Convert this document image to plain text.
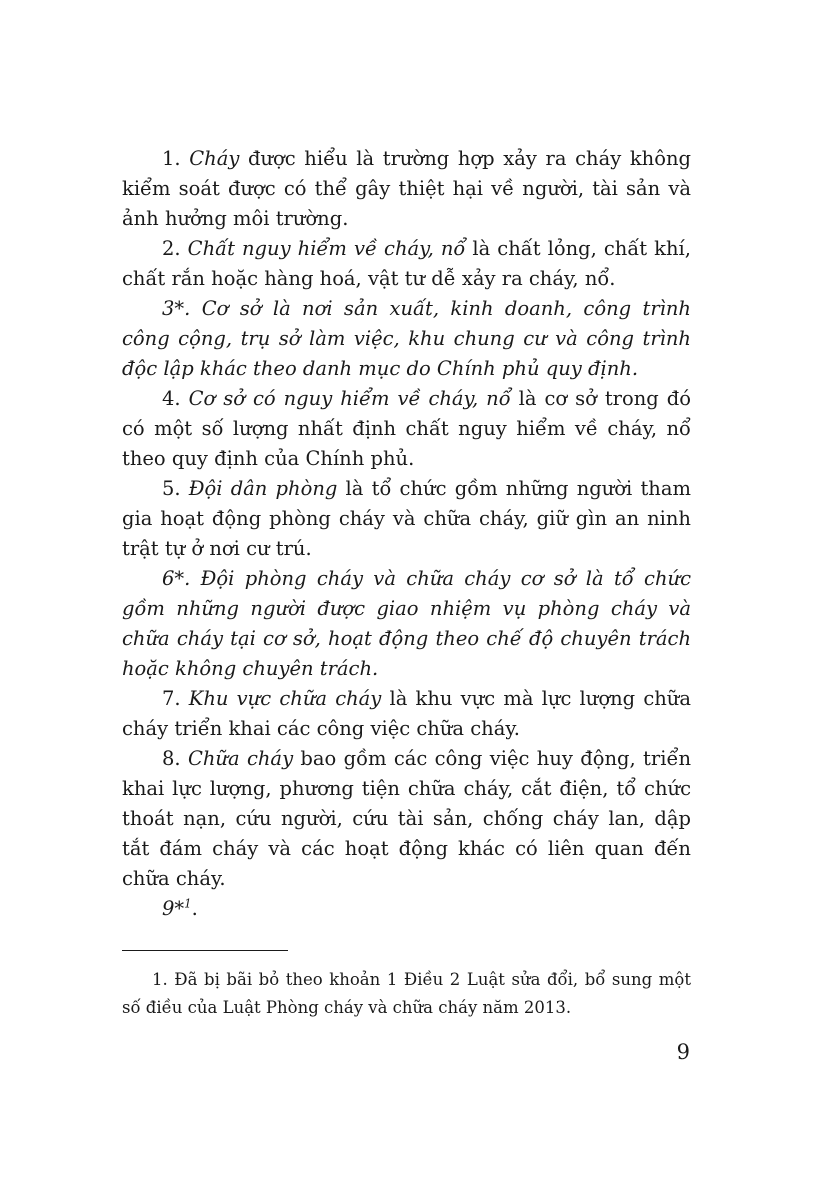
1. Cháy được hiểu là trường hợp xảy ra cháy không kiểm soát được có thể gây thiệt hại về người, tài sản và ảnh hưởng môi trường.

2. Chất nguy hiểm về cháy, nổ là chất lỏng, chất khí, chất rắn hoặc hàng hoá, vật tư dễ xảy ra cháy, nổ.

3*. Cơ sở là nơi sản xuất, kinh doanh, công trình công cộng, trụ sở làm việc, khu chung cư và công trình độc lập khác theo danh mục do Chính phủ quy định.

4. Cơ sở có nguy hiểm về cháy, nổ là cơ sở trong đó có một số lượng nhất định chất nguy hiểm về cháy, nổ theo quy định của Chính phủ.

5. Đội dân phòng là tổ chức gồm những người tham gia hoạt động phòng cháy và chữa cháy, giữ gìn an ninh trật tự ở nơi cư trú.

6*. Đội phòng cháy và chữa cháy cơ sở là tổ chức gồm những người được giao nhiệm vụ phòng cháy và chữa cháy tại cơ sở, hoạt động theo chế độ chuyên trách hoặc không chuyên trách.

7. Khu vực chữa cháy là khu vực mà lực lượng chữa cháy triển khai các công việc chữa cháy.

8. Chữa cháy bao gồm các công việc huy động, triển khai lực lượng, phương tiện chữa cháy, cắt điện, tổ chức thoát nạn, cứu người, cứu tài sản, chống cháy lan, dập tắt đám cháy và các hoạt động khác có liên quan đến chữa cháy.

9*$^1$.

1. Đã bị bãi bỏ theo khoản 1 Điều 2 Luật sửa đổi, bổ sung một số điều của Luật Phòng cháy và chữa cháy năm 2013.

9
